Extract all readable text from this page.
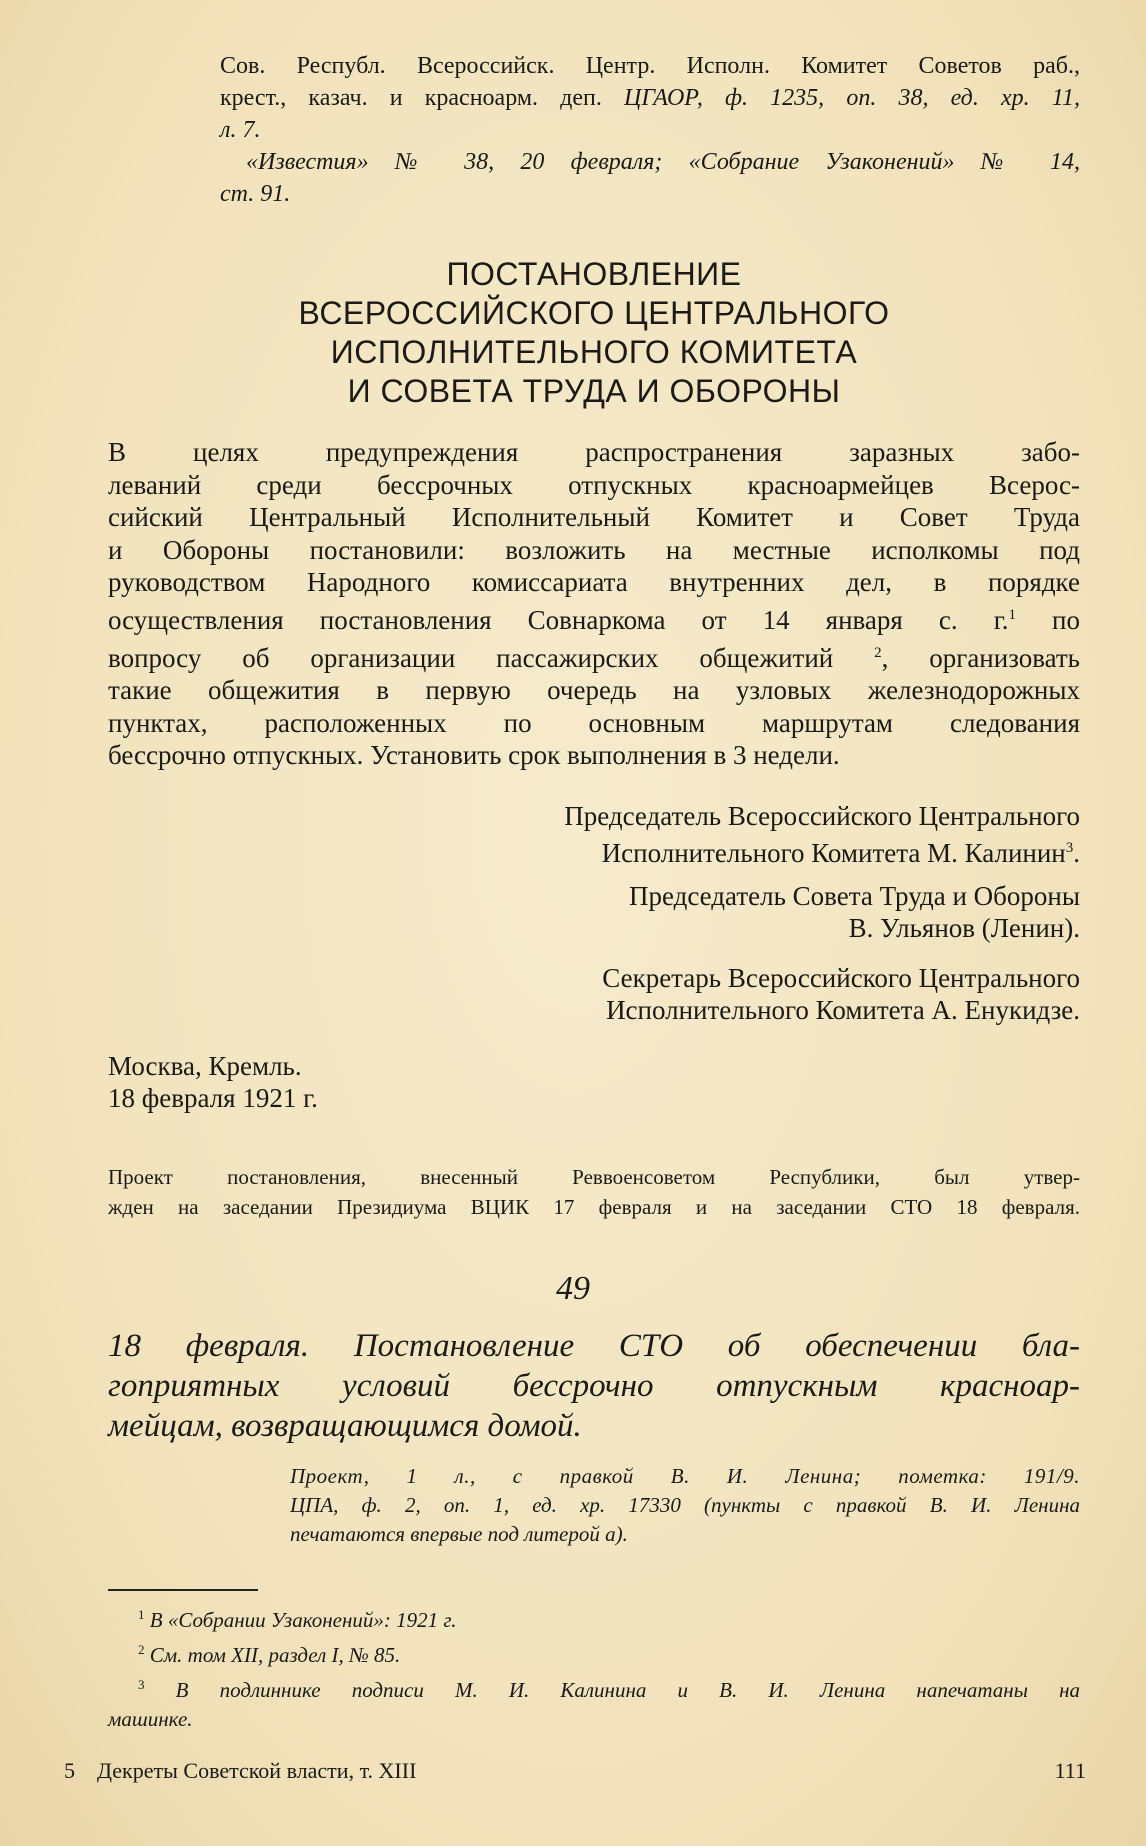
Сов. Республ. Всероссийск. Центр. Исполн. Комитет Советов раб.,
крест., казач. и красноарм. деп. ЦГАОР, ф. 1235, оп. 38, ед. хр. 11,
л. 7.
«Известия» № 38, 20 февраля; «Собрание Узаконений» № 14,
ст. 91.
ПОСТАНОВЛЕНИЕ
ВСЕРОССИЙСКОГО ЦЕНТРАЛЬНОГО
ИСПОЛНИТЕЛЬНОГО КОМИТЕТА
И СОВЕТА ТРУДА И ОБОРОНЫ
В целях предупреждения распространения заразных забо-
леваний среди бессрочных отпускных красноармейцев Всерос-
сийский Центральный Исполнительный Комитет и Совет Труда
и Обороны постановили: возложить на местные исполкомы под
руководством Народного комиссариата внутренних дел, в порядке
осуществления постановления Совнаркома от 14 января с. г.$^1$ по
вопросу об организации пассажирских общежитий	$^2$, организовать
такие общежития в первую очередь на узловых железнодорожных
пунктах, расположенных по основным маршрутам следования
бессрочно отпускных. Установить срок выполнения в 3 недели.
Председатель Всероссийского Центрального
Исполнительного Комитета М. Калинин$^3$.
Председатель Совета Труда и Обороны
В. Ульянов (Ленин).
Секретарь Всероссийского Центрального
Исполнительного Комитета А. Енукидзе.
Москва, Кремль.
18 февраля 1921 г.
Проект постановления, внесенный Реввоенсоветом Республики, был утвер-
жден на заседании Президиума ВЦИК 17 февраля и на заседании СТО 18 февраля.
49
18 февраля. Постановление СТО об обеспечении бла-
гоприятных условий бессрочно отпускным красноар-
мейцам, возвращающимся домой.
Проект, 1 л., с правкой В. И. Ленина; пометка: 191/9.
ЦПА, ф. 2, оп. 1, ед. хр. 17330 (пункты с правкой В. И. Ленина
печатаются впервые под литерой а).
$^1$ В «Собрании Узаконений»: 1921 г.
$^2$ См. том XII, раздел I, № 85.
$^3$ В подлиннике подписи М. И. Калинина и В. И. Ленина напечатаны на
машинке.
5 Декреты Советской власти, т. XIII	111
